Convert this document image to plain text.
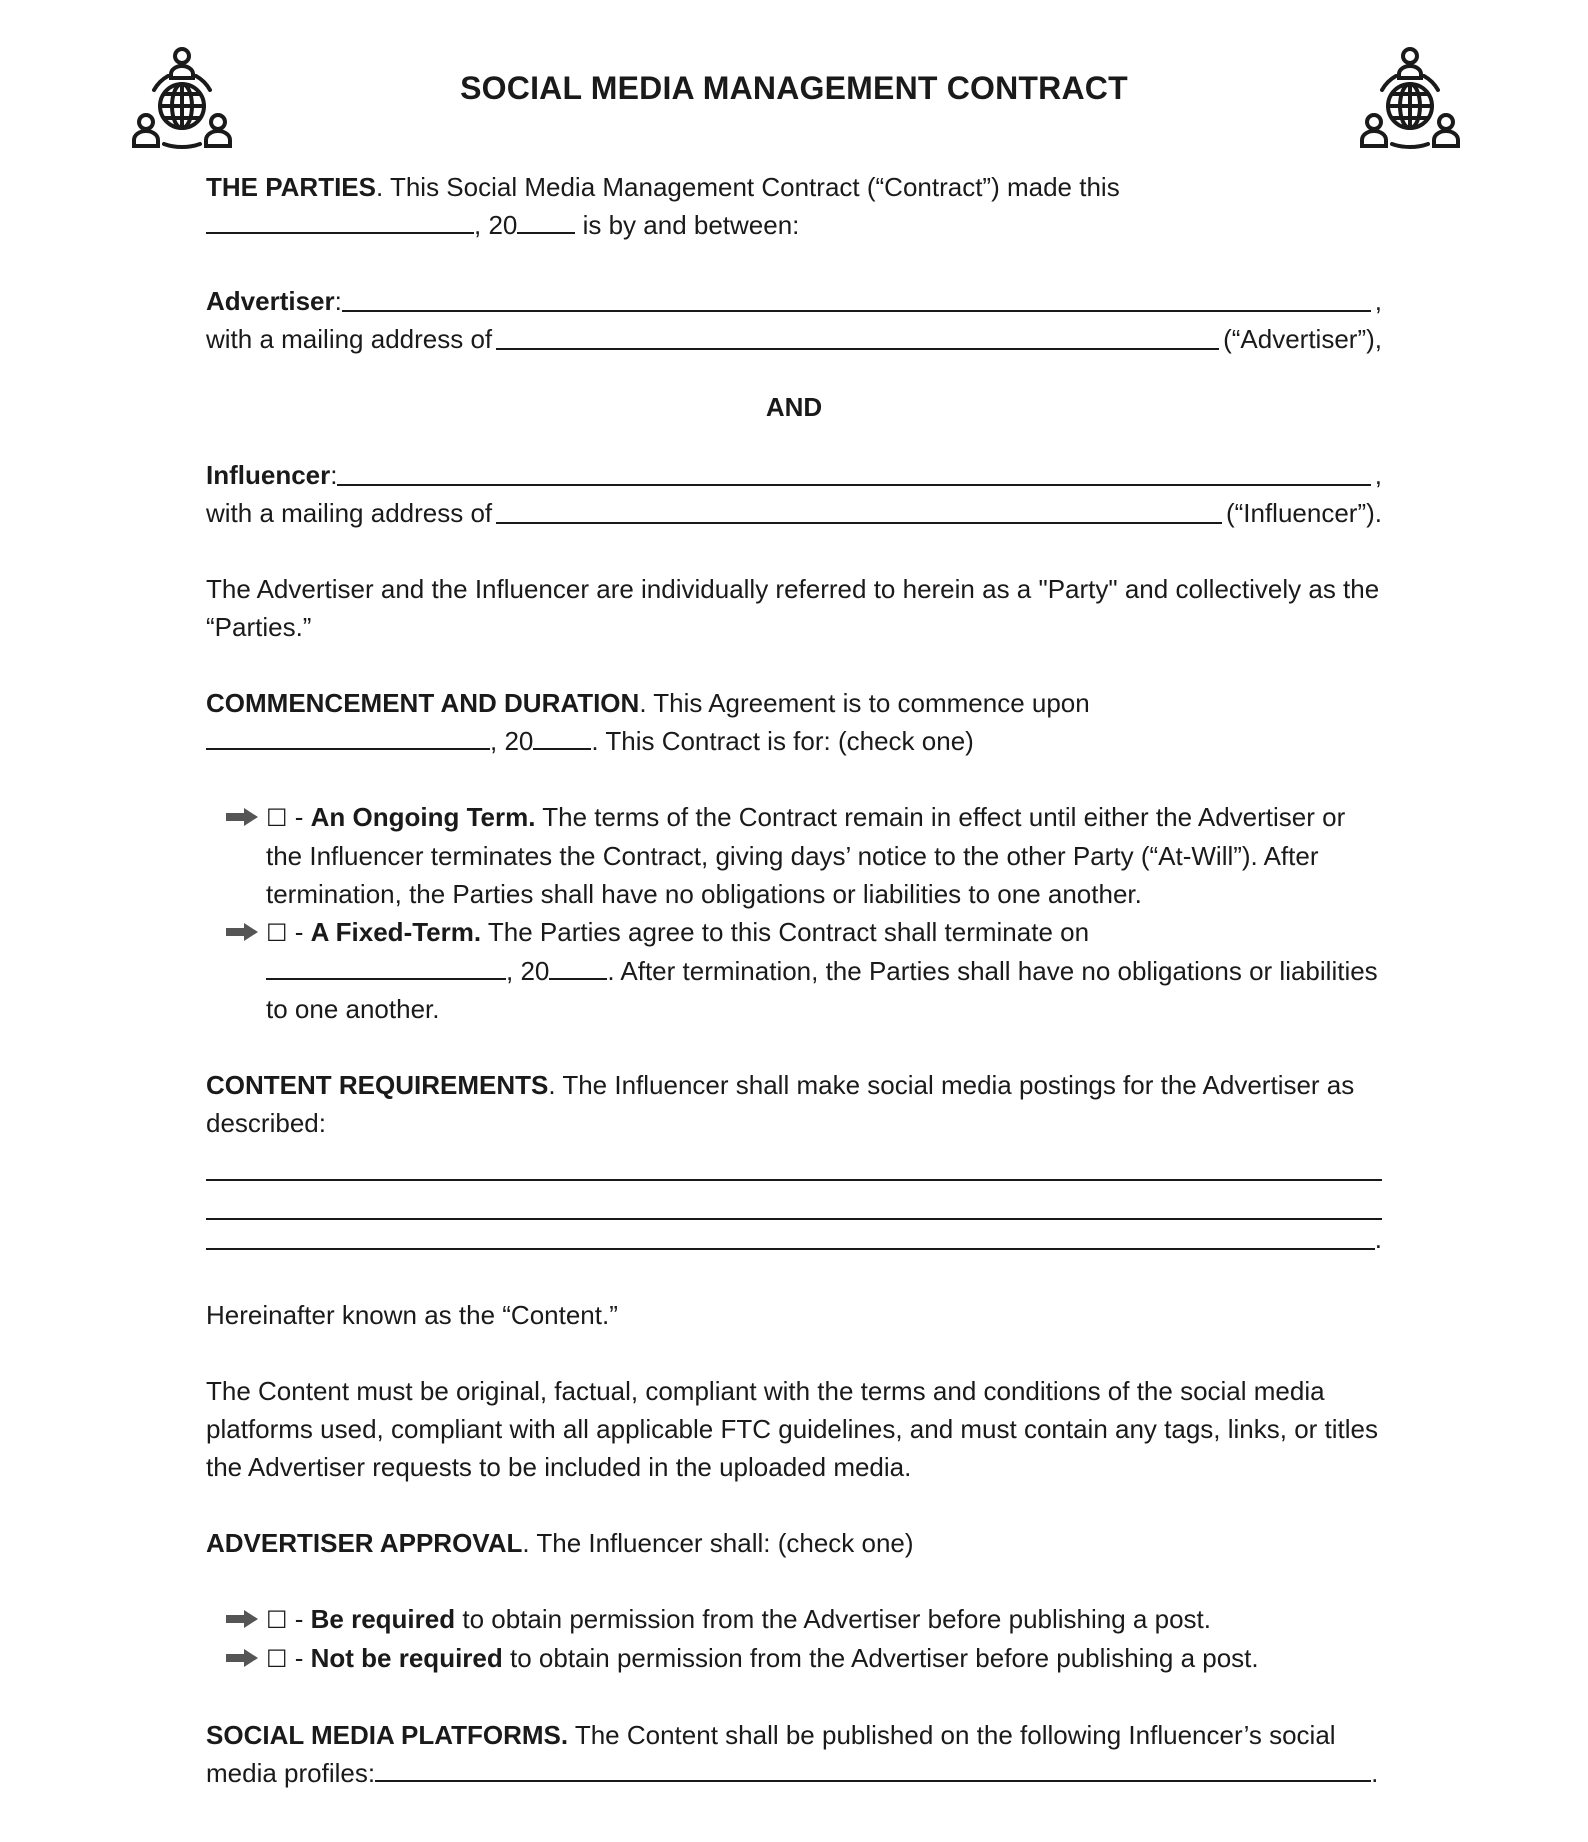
SOCIAL MEDIA MANAGEMENT CONTRACT

THE PARTIES. This Social Media Management Contract (“Contract”) made this

, 20 is by and between:

Advertiser :	,
with a mailing address of	(“Advertiser”),

AND

Influencer :	,
with a mailing address of	(“Influencer”).

The Advertiser and the Influencer are individually referred to herein as a "Party" and collectively as the “Parties.”

COMMENCEMENT AND DURATION. This Agreement is to commence upon

, 20 . This Contract is for: (check one)

☐ - An Ongoing Term. The terms of the Contract remain in effect until either the Advertiser or the Influencer terminates the Contract, giving days’ notice to the other Party (“At-Will”). After termination, the Parties shall have no obligations or liabilities to one another.
☐ - A Fixed-Term. The Parties agree to this Contract shall terminate on
, 20 . After termination, the Parties shall have no obligations or liabilities to one another.

CONTENT REQUIREMENTS. The Influencer shall make social media postings for the Advertiser as described:

.

Hereinafter known as the “Content.”

The Content must be original, factual, compliant with the terms and conditions of the social media platforms used, compliant with all applicable FTC guidelines, and must contain any tags, links, or titles the Advertiser requests to be included in the uploaded media.

ADVERTISER APPROVAL. The Influencer shall: (check one)

☐ - Be required to obtain permission from the Advertiser before publishing a post.
☐ - Not be required to obtain permission from the Advertiser before publishing a post.

SOCIAL MEDIA PLATFORMS. The Content shall be published on the following Influencer’s social media profiles:	.
